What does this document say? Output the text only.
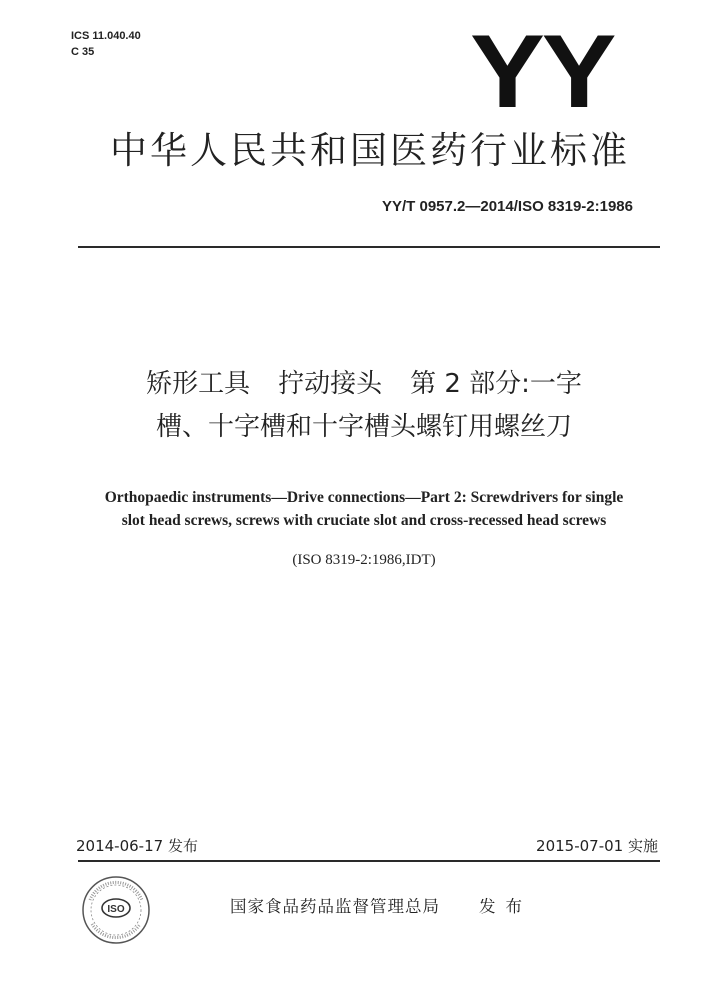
ICS 11.040.40
C 35	YY
中华人民共和国医药行业标准
YY/T 0957.2—2014/ISO 8319-2:1986
矫形工具 拧动接头 第 2 部分:一字
槽、十字槽和十字槽头螺钉用螺丝刀
Orthopaedic instruments—Drive connections—Part 2: Screwdrivers for single
slot head screws, screws with cruciate slot and cross-recessed head screws
(ISO 8319-2:1986,IDT)
2014-06-17 发布	2015-07-01 实施
ISO	国家食品药品监督管理总局 发布
